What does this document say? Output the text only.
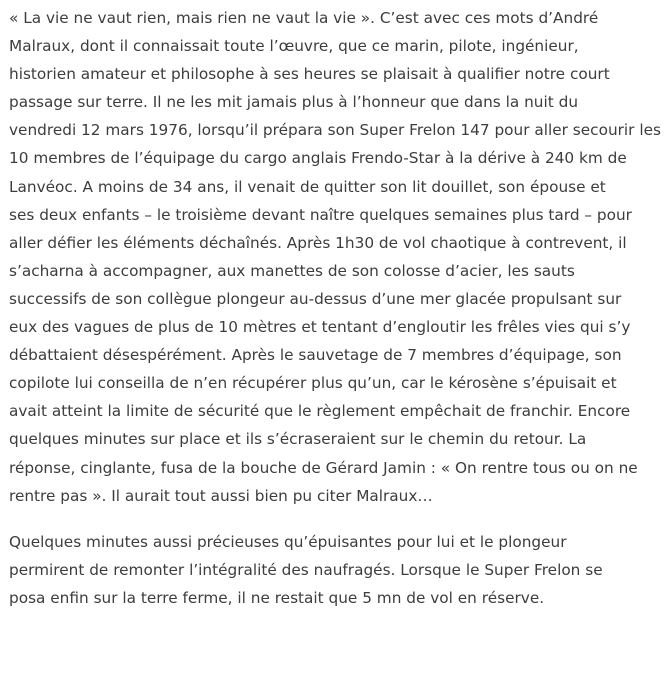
« La vie ne vaut rien, mais rien ne vaut la vie ». C’est avec ces mots d’André
Malraux, dont il connaissait toute l’œuvre, que ce marin, pilote, ingénieur,
historien amateur et philosophe à ses heures se plaisait à qualifier notre court
passage sur terre. Il ne les mit jamais plus à l’honneur que dans la nuit du
vendredi 12 mars 1976, lorsqu’il prépara son Super Frelon 147 pour aller secourir les
10 membres de l’équipage du cargo anglais Frendo-Star à la dérive à 240 km de
Lanvéoc. A moins de 34 ans, il venait de quitter son lit douillet, son épouse et
ses deux enfants – le troisième devant naître quelques semaines plus tard – pour
aller défier les éléments déchaînés. Après 1h30 de vol chaotique à contrevent, il
s’acharna à accompagner, aux manettes de son colosse d’acier, les sauts
successifs de son collègue plongeur au-dessus d’une mer glacée propulsant sur
eux des vagues de plus de 10 mètres et tentant d’engloutir les frêles vies qui s’y
débattaient désespérément. Après le sauvetage de 7 membres d’équipage, son
copilote lui conseilla de n’en récupérer plus qu’un, car le kérosène s’épuisait et
avait atteint la limite de sécurité que le règlement empêchait de franchir. Encore
quelques minutes sur place et ils s’écraseraient sur le chemin du retour. La
réponse, cinglante, fusa de la bouche de Gérard Jamin : « On rentre tous ou on ne
rentre pas ». Il aurait tout aussi bien pu citer Malraux…

Quelques minutes aussi précieuses qu’épuisantes pour lui et le plongeur
permirent de remonter l’intégralité des naufragés. Lorsque le Super Frelon se
posa enfin sur la terre ferme, il ne restait que 5 mn de vol en réserve.
